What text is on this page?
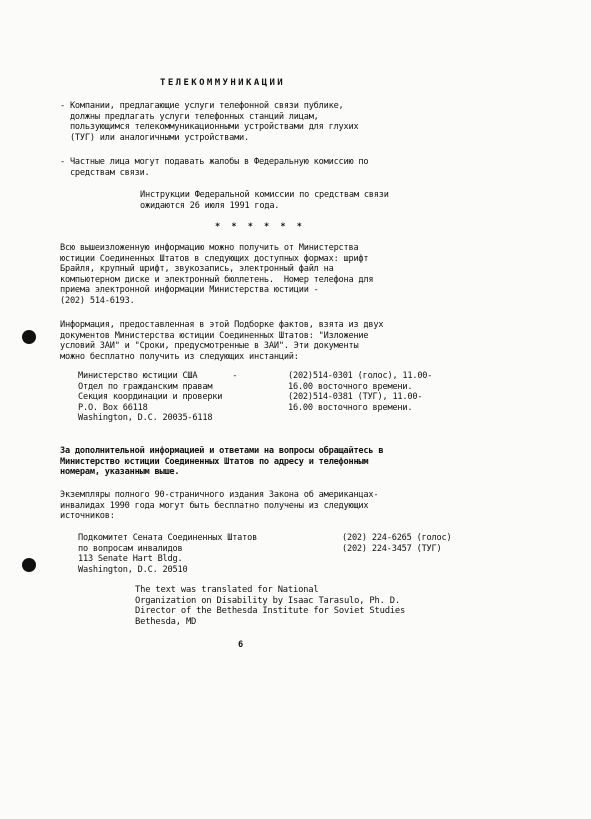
ТЕЛЕКОММУНИКАЦИИ
- Компании, предлагающие услуги телефонной связи публике,
должны предлагать услуги телефонных станций лицам,
пользующимся телекоммуникационными устройствами для глухих
(ТУГ) или аналогичными устройствами.
- Частные лица могут подавать жалобы в Федеральную комиссию по
средствам связи.
Инструкции Федеральной комиссии по средствам связи
ожидаются 26 июля 1991 года.
* * * * * *
Всю вышеизложенную информацию можно получить от Министерства
юстиции Соединенных Штатов в следующих доступных формах: шрифт
Брайля, крупный шрифт, звукозапись, электронный файл на
компьютерном диске и электронный бюллетень.  Номер телефона для
приема электронной информации Министерства юстиции -
(202) 514-6193.
Информация, предоставленная в этой Подборке фактов, взята из двух
документов Министерства юстиции Соединенных Штатов: "Изложение
условий ЗАИ" и "Сроки, предусмотренные в ЗАИ". Эти документы
можно бесплатно получить из следующих инстанций:
Министерство юстиции США       -
Отдел по гражданским правам
Секция координации и проверки
P.O. Box 66118
Washington, D.C. 20035-6118
(202)514-0301 (голос), 11.00-
16.00 восточного времени.
(202)514-0381 (ТУГ), 11.00-
16.00 восточного времени.
За дополнительной информацией и ответами на вопросы обращайтесь в
Министерство юстиции Соединенных Штатов по адресу и телефонным
номерам, указанным выше.
Экземпляры полного 90-страничного издания Закона об американцах-
инвалидах 1990 года могут быть бесплатно получены из следующих
источников:
Подкомитет Сената Соединенных Штатов
по вопросам инвалидов
113 Senate Hart Bldg.
Washington, D.C. 20510
(202) 224-6265 (голос)
(202) 224-3457 (ТУГ)
The text was translated for National
Organization on Disability by Isaac Tarasulo, Ph. D.
Director of the Bethesda Institute for Soviet Studies
Bethesda, MD
6
